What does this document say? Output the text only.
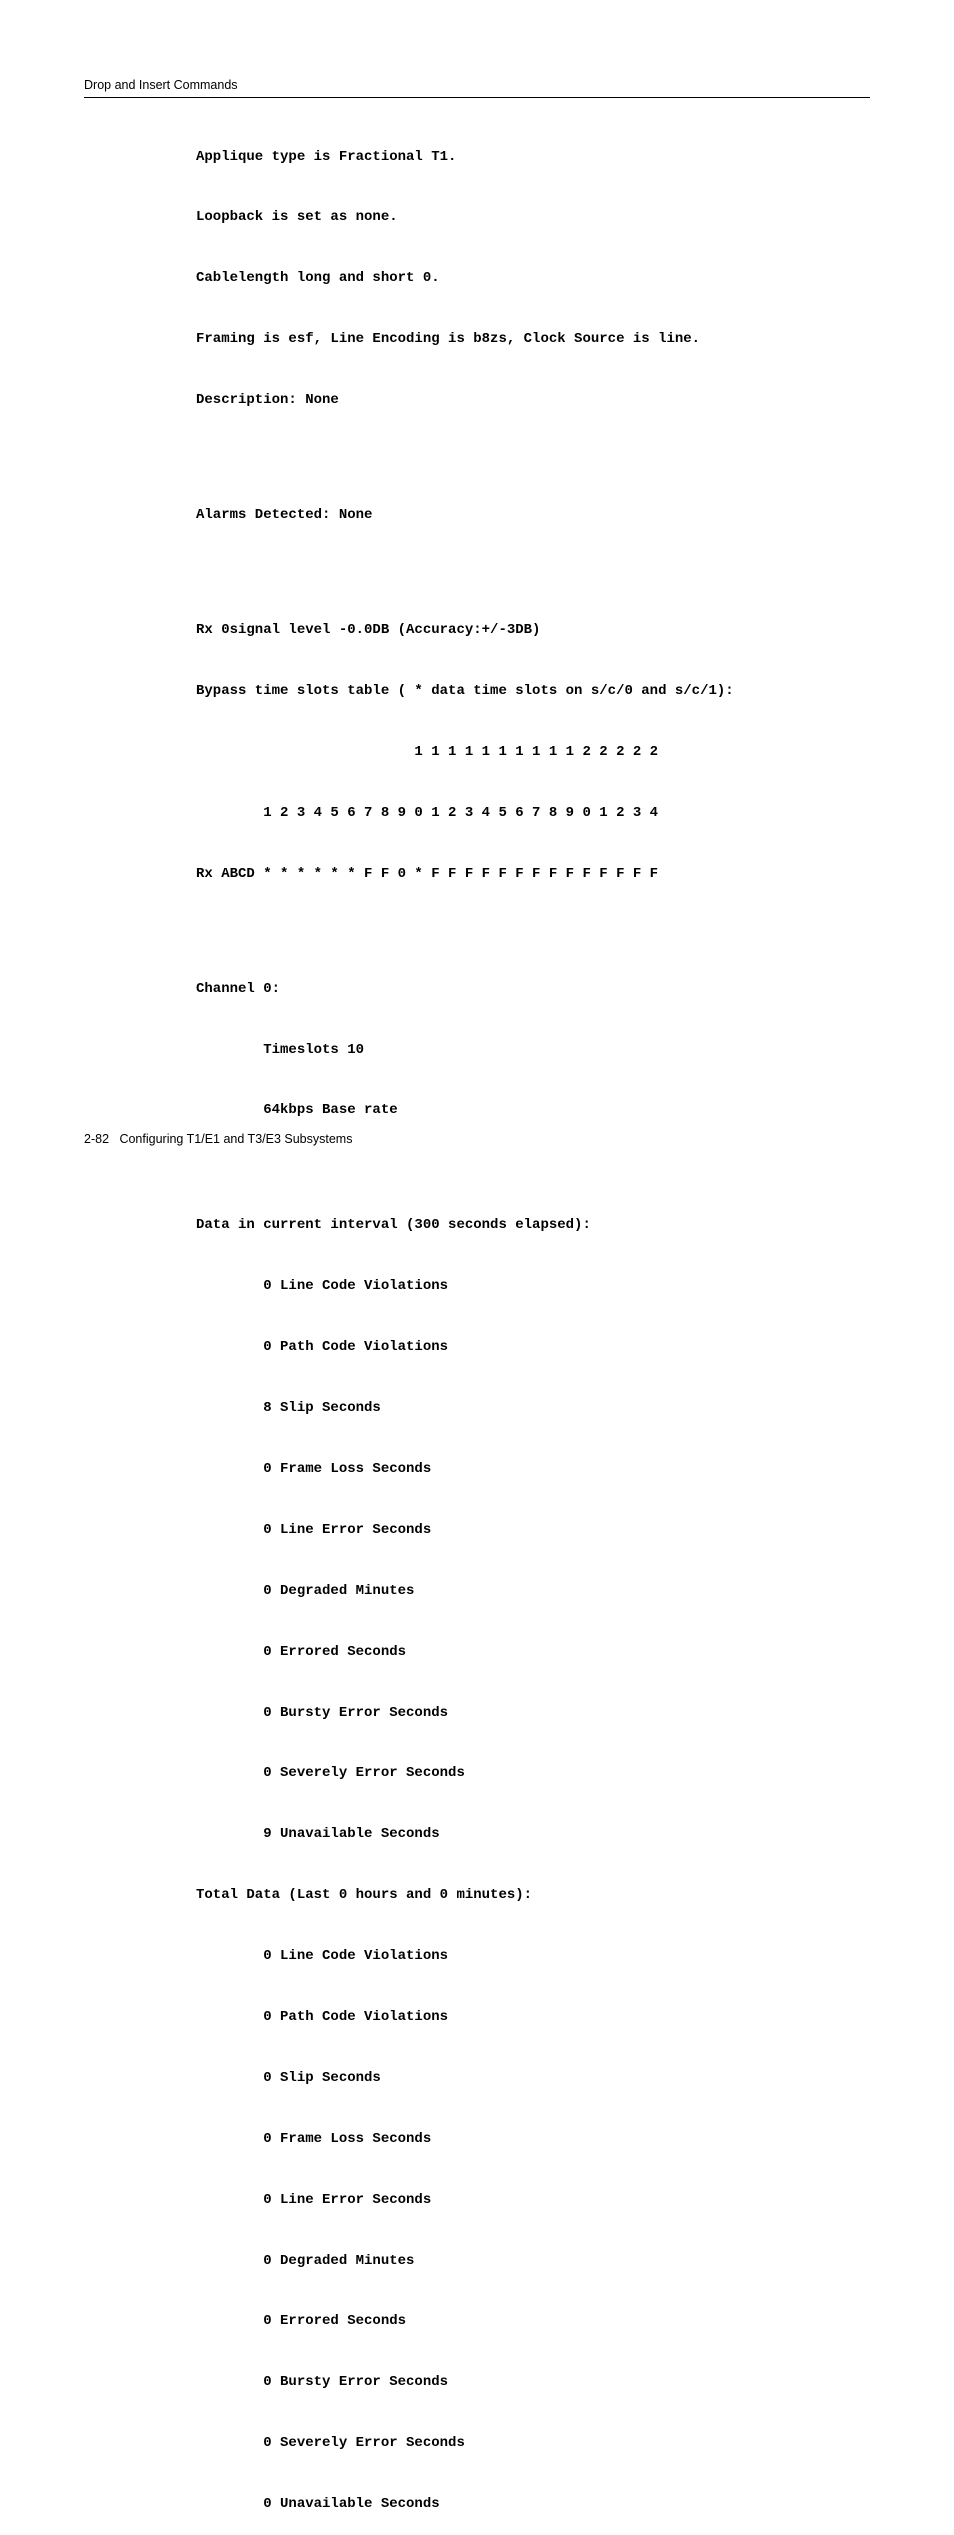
Drop and Insert Commands

Applique type is Fractional T1.

Loopback is set as none.

Cablelength long and short 0.

Framing is esf, Line Encoding is b8zs, Clock Source is line.

Description: None

Alarms Detected: None

Rx 0signal level -0.0DB (Accuracy:+/-3DB)

Bypass time slots table ( * data time slots on s/c/0 and s/c/1):

1 1 1 1 1 1 1 1 1 1 2 2 2 2 2

1 2 3 4 5 6 7 8 9 0 1 2 3 4 5 6 7 8 9 0 1 2 3 4

Rx ABCD * * * * * * F F 0 * F F F F F F F F F F F F F F

Channel 0:

Timeslots 10

64kbps Base rate

Data in current interval (300 seconds elapsed):

0 Line Code Violations

0 Path Code Violations

8 Slip Seconds

0 Frame Loss Seconds

0 Line Error Seconds

0 Degraded Minutes

0 Errored Seconds

0 Bursty Error Seconds

0 Severely Error Seconds

9 Unavailable Seconds

Total Data (Last 0 hours and 0 minutes):

0 Line Code Violations

0 Path Code Violations

0 Slip Seconds

0 Frame Loss Seconds

0 Line Error Seconds

0 Degraded Minutes

0 Errored Seconds

0 Bursty Error Seconds

0 Severely Error Seconds

0 Unavailable Seconds

2-82 Configuring T1/E1 and T3/E3 Subsystems
